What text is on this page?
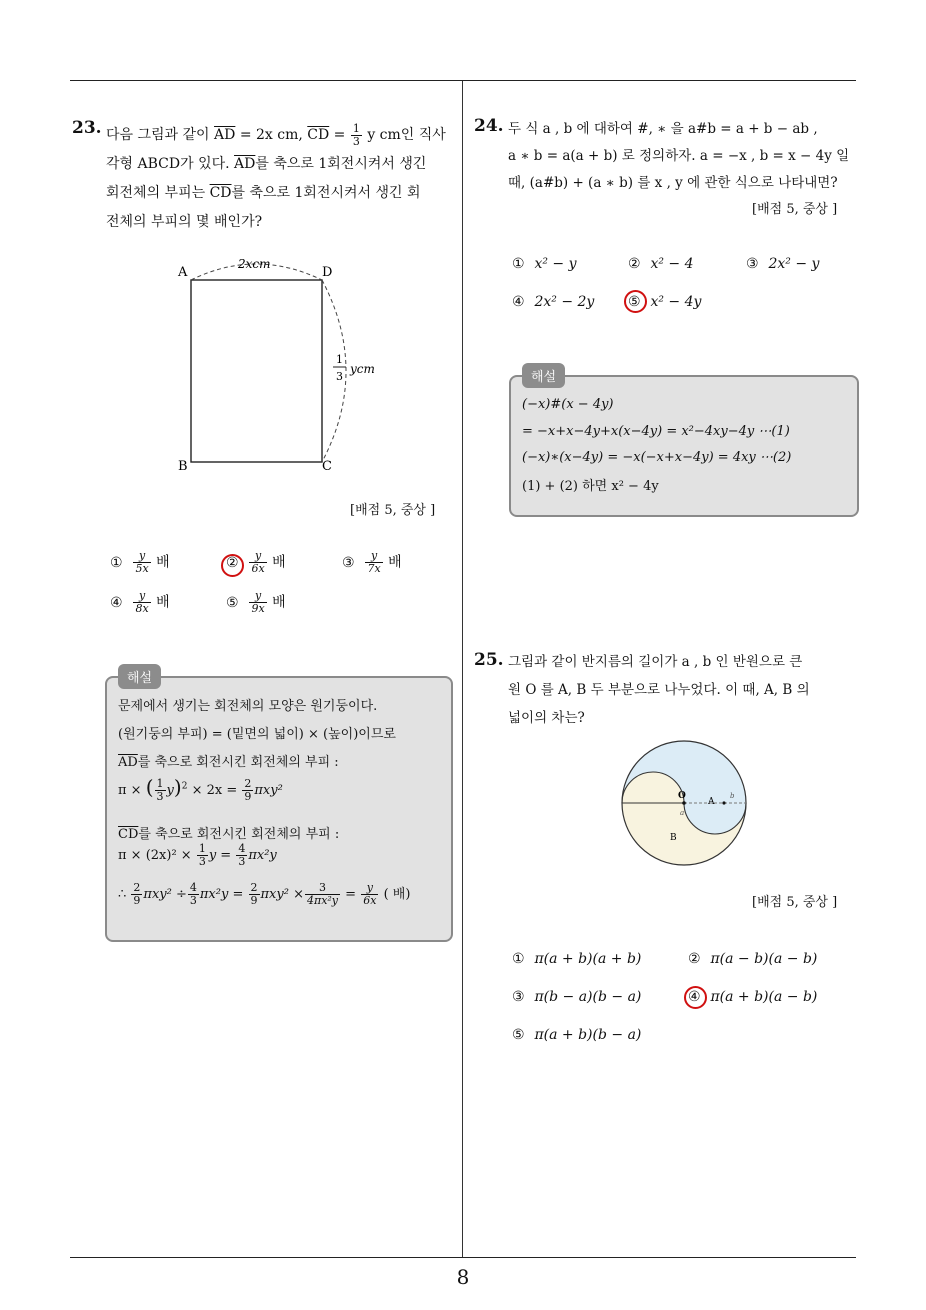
23. 다음 그림과 같이 $\overline{AD} = 2x$ cm, $\overline{CD} = \frac{1}{3}$ y cm인 직사
각형 ABCD가 있다. $\overline{AD}$를 축으로 1회전시켜서 생긴
회전체의 부피는 $\overline{CD}$를 축으로 1회전시켜서 생긴 회
전체의 부피의 몇 배인가?
A	D
B	C
2xcm
1
3
ycm
[배점 5, 중상 ]
① $\frac{y}{5x}$ 배	② $\frac{y}{6x}$ 배	③ $\frac{y}{7x}$ 배
④ $\frac{y}{8x}$ 배	⑤ $\frac{y}{9x}$ 배
해설
문제에서 생기는 회전체의 모양은 원기둥이다.
(원기둥의 부피) = (밑면의 넓이) × (높이)이므로
$\overline{AD}$를 축으로 회전시킨 회전체의 부피 :
π × ( $\frac{1}{3} y)^2 \times 2x = \frac{2}{9} \pi xy^2$
$\overline{CD}$를 축으로 회전시킨 회전체의 부피 :
$\pi \times (2x)^2 \times \frac{1}{3}$ $y = \frac{4}{3} \pi x^2y$
∴ $\frac{2}{9} \pi xy^2 \div \frac{4}{3} \pi x^2y = \frac{2}{9} \pi xy^2 \times \frac{3}{\text{4πx²y}} = \frac{y}{6x}$ ( 배)
24. 두 식 a , b 에 대하여 #, ∗ 을 a#b = a + b − ab ,
a ∗ b = a(a + b) 로 정의하자. a = −x , b = x − 4y 일
때, (a#b) + (a ∗ b) 를 x , y 에 관한 식으로 나타내면?
[배점 5, 중상 ]
① x² − y	② x² − 4	③ 2x² − y
④ 2x² − 2y ⑤ x² − 4y
해설
(−x)#(x − 4y)
= −x+x−4y+x(x−4y) = x²−4xy−4y ⋯(1)
(−x)∗(x−4y) = −x(−x+x−4y) = 4xy ⋯(2)
(1) + (2) 하면 x² − 4y
25. 그림과 같이 반지름의 길이가 a , b 인 반원으로 큰
원 O 를 A, B 두 부분으로 나누었다. 이 때, A, B 의
넓이의 차는?
O
A
B
a
b
[배점 5, 중상 ]
① π(a + b)(a + b)	② π(a − b)(a − b)
③ π(b − a)(b − a)	④ π(a + b)(a − b)
⑤ π(a + b)(b − a)
8
